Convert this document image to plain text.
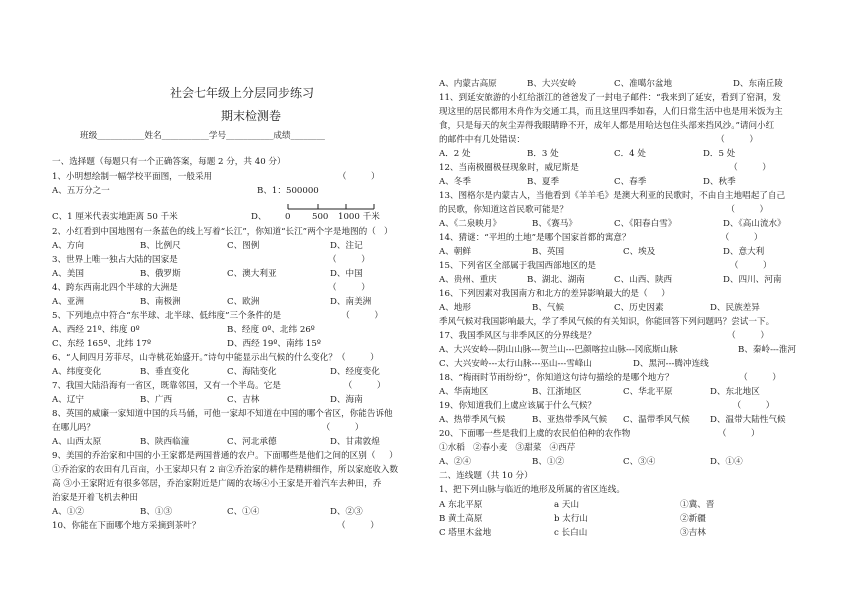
社会七年级上分层同步练习
期末检测卷
班级___________姓名___________学号___________成绩________
一、选择题（每题只有一个正确答案，每题 2 分，共 40 分）
1、小明想绘制一幅学校平面图，一般采用                                              （         ）
A、五万分之一	B、1：500000
C、1 厘米代表实地距离 50 千米	D、 0	500 1000 千米
2、小红看到中国地图有一条蓝色的线上写着“长江”，你知道“长江”两个字是地图的（   ）
A、方向	B、比例尺	C、图例	D、注记
3、世界上唯一独占大陆的国家是                                                       （         ）
A、美国	B、俄罗斯	C、澳大利亚	D、中国
4、跨东西南北四个半球的大洲是                                                       （         ）
A、亚洲	B、南极洲	C、欧洲	D、南美洲
5、下列地点中符合“东半球、北半球、低纬度”三个条件的是                      （         ）
A、西经 21º、纬度 0º	B、经度 0º、北纬 26º
C、东经 165º、北纬 17º	D、西经 19º、南纬 15º
6、“人间四月芳菲尽，山寺桃花始盛开。”诗句中能显示出气候的什么变化？（         ）
A、纬度变化	B、垂直变化	C、海陆变化	D、经度变化
7、我国大陆沿海有一省区，既靠邻国，又有一个半岛。它是                       （         ）
A、辽宁	B、广西	C、吉林	D、海南
8、英国的威廉一家知道中国的兵马俑，可他一家却不知道在中国的哪个省区，你能告诉他
在哪儿吗？                                                                                   （         ）
A、山西太原	B、陕西临潼	C、河北承德	D、甘肃敦煌
9、美国的乔治家和中国的小王家都是两国普通的农户。下面哪些是他们之间的区别（     ）
①乔治家的农田有几百亩，小王家却只有 2 亩②乔治家的耕作是精耕细作，所以家庭收入数
高 ③小王家附近有很多邻居，乔治家附近是广阔的农场④小王家是开着汽车去种田，乔
治家是开着飞机去种田
A、①②	B、①③	C、①④	D、②③
10、你能在下面哪个地方采摘到茶叶？                                                  （         ）
A、内蒙古高原	B、大兴安岭	C、准噶尔盆地	D、东南丘陵
11、到延安旅游的小红给浙江的爸爸发了一封电子邮件：“我来到了延安，看到了窑洞，发
现这里的居民都用木舟作为交通工具，而且这里四季如春，人们日常生活中也是用米饭为主
食，只是每天的灰尘弄得我眼睛睁不开，成年人都是用哈达包住头部来挡风沙。”请问小红
的邮件中有几处错误：                                                                      （         ）
A．2 处	B．3 处	C．4 处	D．5 处
12、当南极圈极昼现象时，威尼斯是                                                       （         ）
A、冬季	B、夏季	C、春季	D、秋季
13、图格尔是内蒙古人，当他看到《羊羊毛》是澳大利亚的民歌时，不由自主地唱起了自己
的民歌，你知道这首民歌可能是？                                                          （         ）
A、《二泉映月》	B、《赛马》	C、《阳春白雪》	D、《高山流水》
14、猜谜：“平坦的土地”是哪个国家首都的寓意？                                 （         ）
A、朝鲜	B、英国	C、埃及	D、意大利
15、下列省区全部属于我国西部地区的是                                                 （         ）
A、贵州、重庆	B、湖北、湖南	C、山西、陕西	D、四川、河南
16、下列因素对我国南方和北方的差异影响最大的是（     ）
A、地形	B、气候	C、历史因素	D、民族差异
季风气候对我国影响最大，学了季风气候的有关知识，你能回答下列问题吗？尝试一下。
17、我国季风区与非季风区的分界线是？                                                （         ）
A、大兴安岭---阴山山脉---贺兰山---巴颜喀拉山脉---冈底斯山脉	B、秦岭---淮河
C、大兴安岭---太行山脉---巫山---雪峰山	D、黑河---腾冲连线
18、“梅雨时节雨纷纷”，你知道这句诗句描绘的是哪个地方？                        （         ）
A、华南地区	B、江浙地区	C、华北平原	D、东北地区
19、你知道我们上虞应该属于什么气候？                                                  （         ）
A、热带季风气候	B、亚热带季风气候 C、温带季风气候 D、温带大陆性气候
20、下面哪一些是我们上虞的农民伯伯种的农作物                                （         ）
①水稻   ②春小麦   ③甜菜   ④西芹
A、②④	B、①②	C、③④	D、①④
二、连线题（共 10 分）
1、把下列山脉与临近的地形及所属的省区连线。
A 东北平原	a 天山	①冀、晋
B 黄土高原	b 太行山	②新疆
C 塔里木盆地	c 长白山	③吉林
